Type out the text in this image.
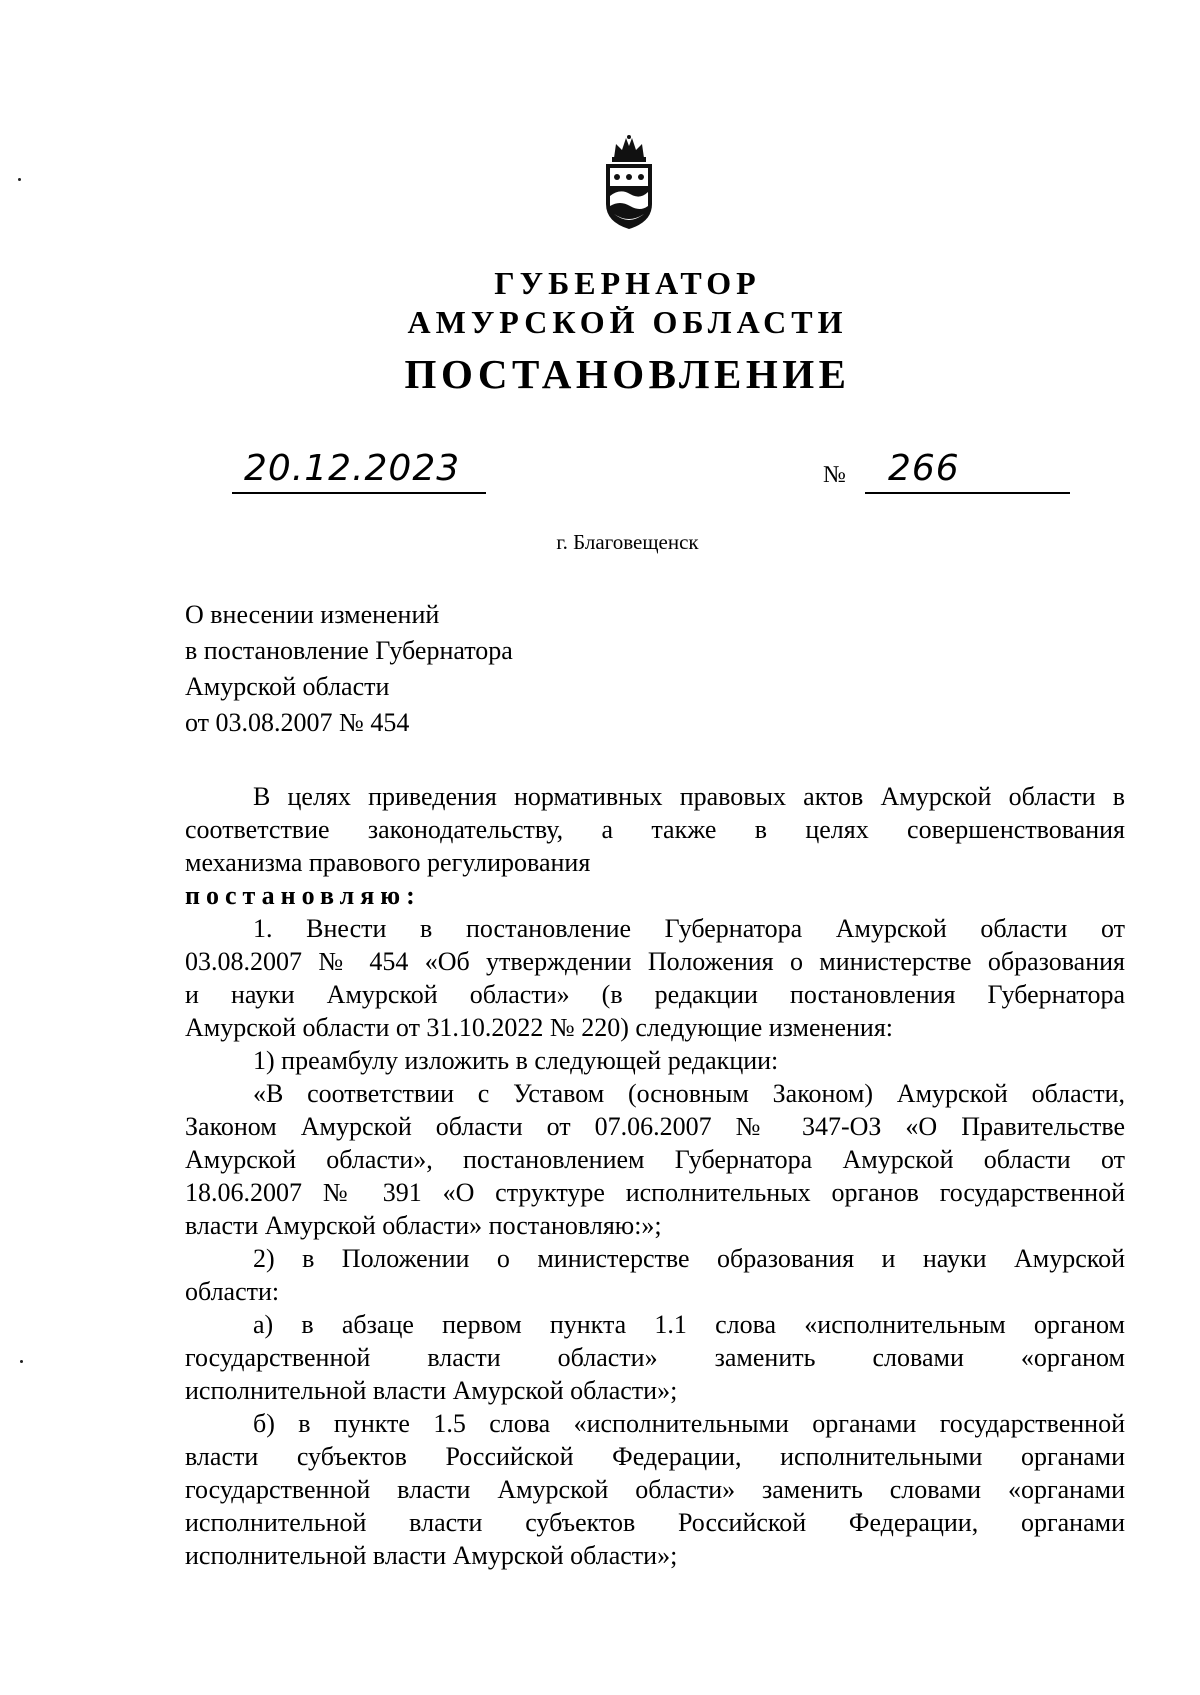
ГУБЕРНАТОР
АМУРСКОЙ ОБЛАСТИ
ПОСТАНОВЛЕНИЕ
20.12.2023	№ 266
г. Благовещенск
О внесении изменений
в постановление Губернатора
Амурской области
от 03.08.2007 № 454
В целях приведения нормативных правовых актов Амурской области в
соответствие законодательству, а также в целях совершенствования
механизма правового регулирования
постановляю:
1. Внести в постановление Губернатора Амурской области от
03.08.2007 № 454 «Об утверждении Положения о министерстве образования
и науки Амурской области» (в редакции постановления Губернатора
Амурской области от 31.10.2022 № 220) следующие изменения:
1) преамбулу изложить в следующей редакции:
«В соответствии с Уставом (основным Законом) Амурской области,
Законом Амурской области от 07.06.2007 № 347-ОЗ «О Правительстве
Амурской области», постановлением Губернатора Амурской области от
18.06.2007 № 391 «О структуре исполнительных органов государственной
власти Амурской области» постановляю:»;
2) в Положении о министерстве образования и науки Амурской
области:
а) в абзаце первом пункта 1.1 слова «исполнительным органом
государственной власти области» заменить словами «органом
исполнительной власти Амурской области»;
б) в пункте 1.5 слова «исполнительными органами государственной
власти субъектов Российской Федерации, исполнительными органами
государственной власти Амурской области» заменить словами «органами
исполнительной власти субъектов Российской Федерации, органами
исполнительной власти Амурской области»;
